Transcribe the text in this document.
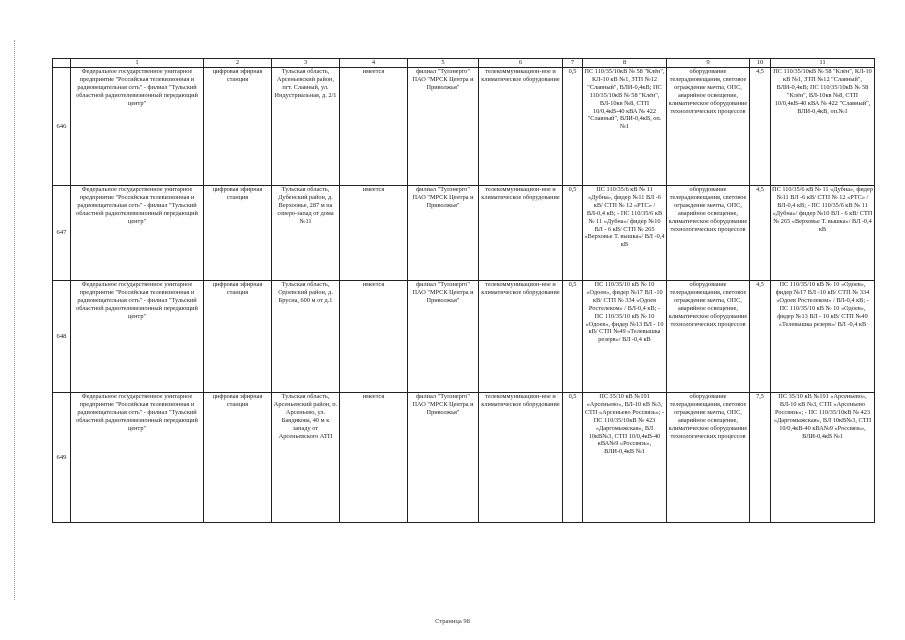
	1	2	3	4	5	6	7	8	9	10	11
646	Федеральное государственное унитарное предприятие "Российская телевизионная и радиовещательная сеть" - филиал "Тульский областной радиотелевизионный передающий центр"	цифровая эфирная станция	Тульская область, Арсеньевский район, пгт. Славный, ул. Индустриальная, д. 2/1	имеется	филиал "Тулэнерго" ПАО "МРСК Центра и Приволжья"	телекоммуникацион-ное и климатическое оборудование	0,5	ПС 110/35/10кВ № 58 "Клён", КЛ-10 кВ №1, ЗТП №12 "Славный", ВЛИ-0,4кВ; ПС 110/35/10кВ № 58 "Клён", ВЛ-10кв №8, СТП 10/0,4кВ-40 кВА № 422 "Славный", ВЛИ-0,4кВ, оп.№1	оборудование телерадиовещания, световое ограждение мачты, ОПС, аварийное освещение, климатическое оборудование технологических процессов	4,5	ПС 110/35/10кВ № 58 "Клён", КЛ-10 кВ №1, ЗТП №12 "Славный", ВЛИ-0,4кВ; ПС 110/35/10кВ № 58 "Клён", ВЛ-10кв №8, СТП 10/0,4кВ-40 кВА № 422 "Славный", ВЛИ-0,4кВ, оп.№1
647	Федеральное государственное унитарное предприятие "Российская телевизионная и радиовещательная сеть" - филиал "Тульский областной радиотелевизионный передающий центр"	цифровая эфирная станция	Тульская область, Дубенский район, д. Верхоовье, 287 м на северо-запад от дома №11	имеется	филиал "Тулэнерго" ПАО "МРСК Центра и Приволжья"	телекоммуникацион-ное и климатическое оборудование	0,5	ПС 110/35/6 кВ № 11 «Дубна», фидер №11 ВЛ -6 кВ/ СТП № 12 «РТС» / ВЛ-0,4 кВ; - ПС 110/35/6 кВ № 11 «Дубна»/ фидер №10 ВЛ - 6 кВ/ СТП № 265 «Верховье Т. вышка»/ ВЛ -0,4 кВ	оборудование телерадиовещания, световое ограждение мачты, ОПС, аварийное освещение, климатическое оборудование технологических процессов	4,5	ПС 110/35/6 кВ № 11 «Дубна», фидер №11 ВЛ -6 кВ/ СТП № 12 «РТС» / ВЛ-0,4 кВ; - ПС 110/35/6 кВ № 11 «Дубна»/ фидер №10 ВЛ - 6 кВ/ СТП № 265 «Верховье Т. вышка»/ ВЛ -0,4 кВ
648	Федеральное государственное унитарное предприятие "Российская телевизионная и радиовещательная сеть" - филиал "Тульский областной радиотелевизионный передающий центр"	цифровая эфирная станция	Тульская область, Одоевский район, д. Брусна, 600 м от д.1	имеется	филиал "Тулэнерго" ПАО "МРСК Центра и Приволжья"	телекоммуникацион-ное и климатическое оборудование	0,5	ПС 110/35/10 кВ № 10 «Одоев», фидер №17 ВЛ -10 кВ/ СТП № 334 «Одоев Ростелеком» / ВЛ-0,4 кВ; - ПС 110/35/10 кВ № 10 «Одоев», фидер №13 ВЛ - 10 кВ/ СТП №49 «Телевышка резерв»/ ВЛ -0,4 кВ	оборудование телерадиовещания, световое ограждение мачты, ОПС, аварийное освещение, климатическое оборудование технологических процессов	4,5	ПС 110/35/10 кВ № 10 «Одоев», фидер №17 ВЛ -10 кВ/ СТП № 334 «Одоев Ростелеком» / ВЛ-0,4 кВ; - ПС 110/35/10 кВ № 10 «Одоев», фидер №13 ВЛ - 10 кВ/ СТП №49 «Телевышка резерв»/ ВЛ -0,4 кВ
649	Федеральное государственное унитарное предприятие "Российская телевизионная и радиовещательная сеть" - филиал "Тульский областной радиотелевизионный передающий центр"	цифровая эфирная станция	Тульская область, Арсеньевский район, п. Арсеньево, ул. Бандикова, 40 м к западу от Арсеньевского АТП	имеется	филиал "Тулэнерго" ПАО "МРСК Центра и Приволжья"	телекоммуникацион-ное и климатическое оборудование	0,5	ПС 35/10 кВ №191 «Арсеньево», ВЛ-10 кВ №3, СТП «Арсеньево Россвязь»; - ПС 110/35/10кВ № 423 «Даргомыжская», ВЛ 10кВ№3, СТП 10/0,4кВ-40 кВА№9 «Россвязь», ВЛИ-0,4кВ №1	оборудование телерадиовещания, световое ограждение мачты, ОПС, аварийное освещение, климатическое оборудование технологических процессов	7,5	ПС 35/10 кВ №191 «Арсеньево», ВЛ-10 кВ №3, СТП «Арсеньево Россвязь»; - ПС 110/35/10кВ № 423 «Даргомыжская», ВЛ 10кВ№3, СТП 10/0,4кВ-40 кВА№9 «Россвязь», ВЛИ-0,4кВ №1
Страница 98
